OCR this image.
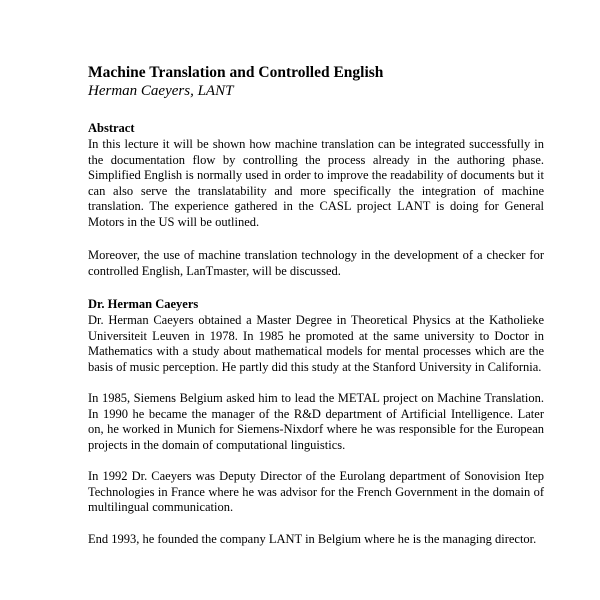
Machine Translation and Controlled English
Herman Caeyers, LANT
Abstract

In this lecture it will be shown how machine translation can be integrated successfully in the documentation flow by controlling the process already in the authoring phase. Simplified English is normally used in order to improve the readability of documents but it can also serve the translatability and more specifically the integration of machine translation. The experience gathered in the CASL project LANT is doing for General Motors in the US will be outlined.

Moreover, the use of machine translation technology in the development of a checker for controlled English, LanTmaster, will be discussed.

Dr. Herman Caeyers

Dr. Herman Caeyers obtained a Master Degree in Theoretical Physics at the Katholieke Universiteit Leuven in 1978. In 1985 he promoted at the same university to Doctor in Mathematics with a study about mathematical models for mental processes which are the basis of music perception. He partly did this study at the Stanford University in California.

In 1985, Siemens Belgium asked him to lead the METAL project on Machine Translation. In 1990 he became the manager of the R&D department of Artificial Intelligence. Later on, he worked in Munich for Siemens-Nixdorf where he was responsible for the European projects in the domain of computational linguistics.

In 1992 Dr. Caeyers was Deputy Director of the Eurolang department of Sonovision Itep Technologies in France where he was advisor for the French Government in the domain of multilingual communication.

End 1993, he founded the company LANT in Belgium where he is the managing director.
